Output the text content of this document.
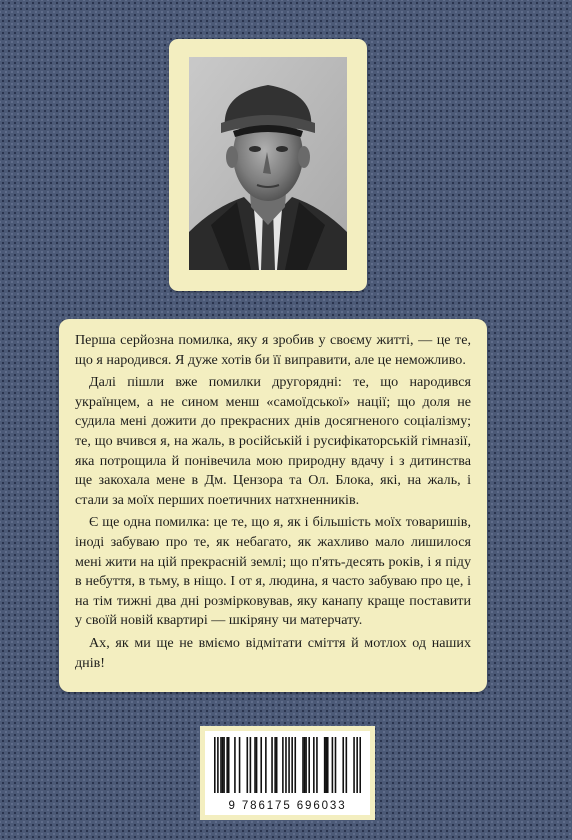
Перша серйозна помилка, яку я зробив у своєму житті, — це те, що я народився. Я дуже хотів би її виправити, але це неможливо.

Далі пішли вже помилки другорядні: те, що народився українцем, а не сином менш «самоїдської» нації; що доля не судила мені дожити до прекрасних днів досягненого соціалізму; те, що вчився я, на жаль, в російській і русифікаторській гімназії, яка потрощила й понівечила мою природну вдачу і з дитинства ще закохала мене в Дм. Цензора та Ол. Блока, які, на жаль, і стали за моїх перших поетичних натхненників.

Є ще одна помилка: це те, що я, як і більшість моїх товаришів, іноді забуваю про те, як небагато, як жахливо мало лишилося мені жити на цій прекрасній землі; що п'ять-десять років, і я піду в небуття, в тьму, в ніщо. І от я, людина, я часто забуваю про це, і на тім тижні два дні розмірковував, яку канапу краще поставити у своїй новій квартирі — шкіряну чи матерчату.

Ах, як ми ще не вміємо відмітати сміття й мотлох од наших днів!

9 786175 696033
